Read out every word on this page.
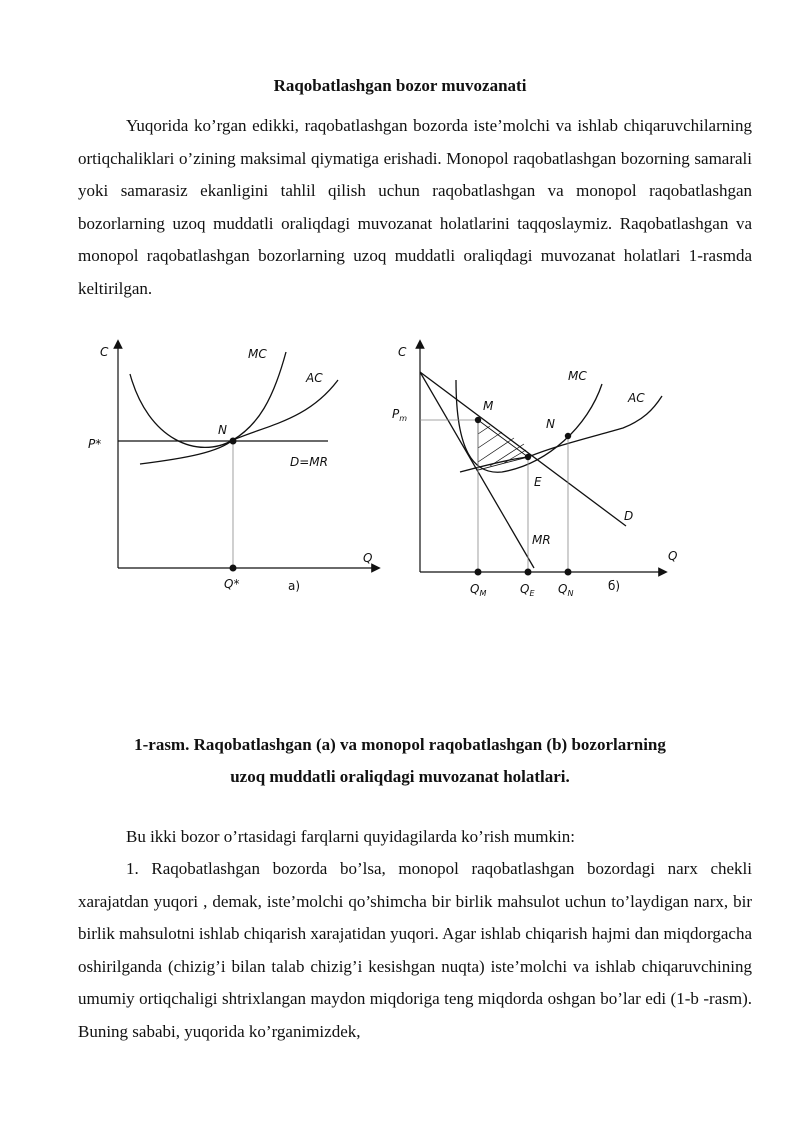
Raqobatlashgan bozor muvozanati
Yuqorida ko’rgan edikki, raqobatlashgan bozorda iste’molchi va ishlab chiqaruvchilarning ortiqchaliklari o’zining maksimal qiymatiga erishadi. Monopol raqobatlashgan bozorning samarali yoki samarasiz ekanligini tahlil qilish uchun raqobatlashgan va monopol raqobatlashgan bozorlarning uzoq muddatli oraliqdagi muvozanat holatlarini taqqoslaymiz. Raqobatlashgan va monopol raqobatlashgan bozorlarning uzoq muddatli oraliqdagi muvozanat holatlari 1-rasmda keltirilgan.
C	MC
AC
N
P*
D=MR
Q
Q*	a)
C
MC
AC
M
N
$P_m$
E
D
MR
Q
$Q_M$	$Q_E$ $Q_N$
б)
1-rasm. Raqobatlashgan (a) va monopol raqobatlashgan (b) bozorlarning
uzoq muddatli oraliqdagi muvozanat holatlari.
Bu ikki bozor o’rtasidagi farqlarni quyidagilarda ko’rish mumkin:
1. Raqobatlashgan bozorda bo’lsa, monopol raqobatlashgan bozordagi narx chekli xarajatdan yuqori , demak, iste’molchi qo’shimcha bir birlik mahsulot uchun to’laydigan narx, bir birlik mahsulotni ishlab chiqarish xarajatidan yuqori. Agar ishlab chiqarish hajmi dan miqdorgacha oshirilganda (chizig’i bilan talab chizig’i kesishgan nuqta) iste’molchi va ishlab chiqaruvchining umumiy ortiqchaligi shtrixlangan maydon miqdoriga teng miqdorda oshgan bo’lar edi (1-b -rasm). Buning sababi, yuqorida ko’rganimizdek,
